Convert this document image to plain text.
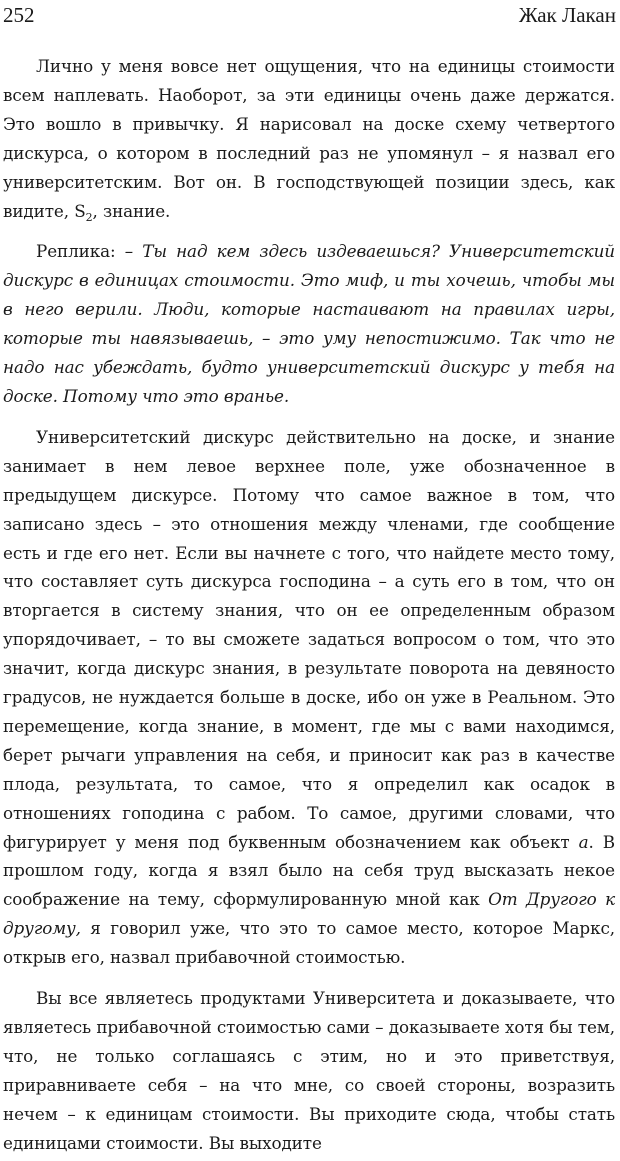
252	Жак Лакан

Лично у меня вовсе нет ощущения, что на единицы стоимости всем наплевать. Наоборот, за эти единицы очень даже держатся. Это вошло в привычку. Я нарисовал на доске схему четвертого дискурса, о котором в последний раз не упомянул – я назвал его университетским. Вот он. В господствующей позиции здесь, как видите, $S_2$, знание.

Реплика: – Ты над кем здесь издеваешься? Университетский дискурс в единицах стоимости. Это миф, и ты хочешь, чтобы мы в него верили. Люди, которые настаивают на правилах игры, которые ты навязываешь, – это уму непостижимо. Так что не надо нас убеждать, будто университетский дискурс у тебя на доске. Потому что это вранье.

Университетский дискурс действительно на доске, и знание занимает в нем левое верхнее поле, уже обозначенное в предыдущем дискурсе. Потому что самое важное в том, что записано здесь – это отношения между членами, где сообщение есть и где его нет. Если вы начнете с того, что найдете место тому, что составляет суть дискурса господина – а суть его в том, что он вторгается в систему знания, что он ее определенным образом упорядочивает, – то вы сможете задаться вопросом о том, что это значит, когда дискурс знания, в результате поворота на девяносто градусов, не нуждается больше в доске, ибо он уже в Реальном. Это перемещение, когда знание, в момент, где мы с вами находимся, берет рычаги управления на себя, и приносит как раз в качестве плода, результата, то самое, что я определил как осадок в отношениях гоподина с рабом. То самое, другими словами, что фигурирует у меня под буквенным обозначением как объект а. В прошлом году, когда я взял было на себя труд высказать некое соображение на тему, сформулированную мной как От Другого к другому, я говорил уже, что это то самое место, которое Маркс, открыв его, назвал прибавочной стоимостью.

Вы все являетесь продуктами Университета и доказываете, что являетесь прибавочной стоимостью сами – доказываете хотя бы тем, что, не только соглашаясь с этим, но и это приветствуя, приравниваете себя – на что мне, со своей стороны, возразить нечем – к единицам стоимости. Вы приходите сюда, чтобы стать единицами стоимости. Вы выходите
